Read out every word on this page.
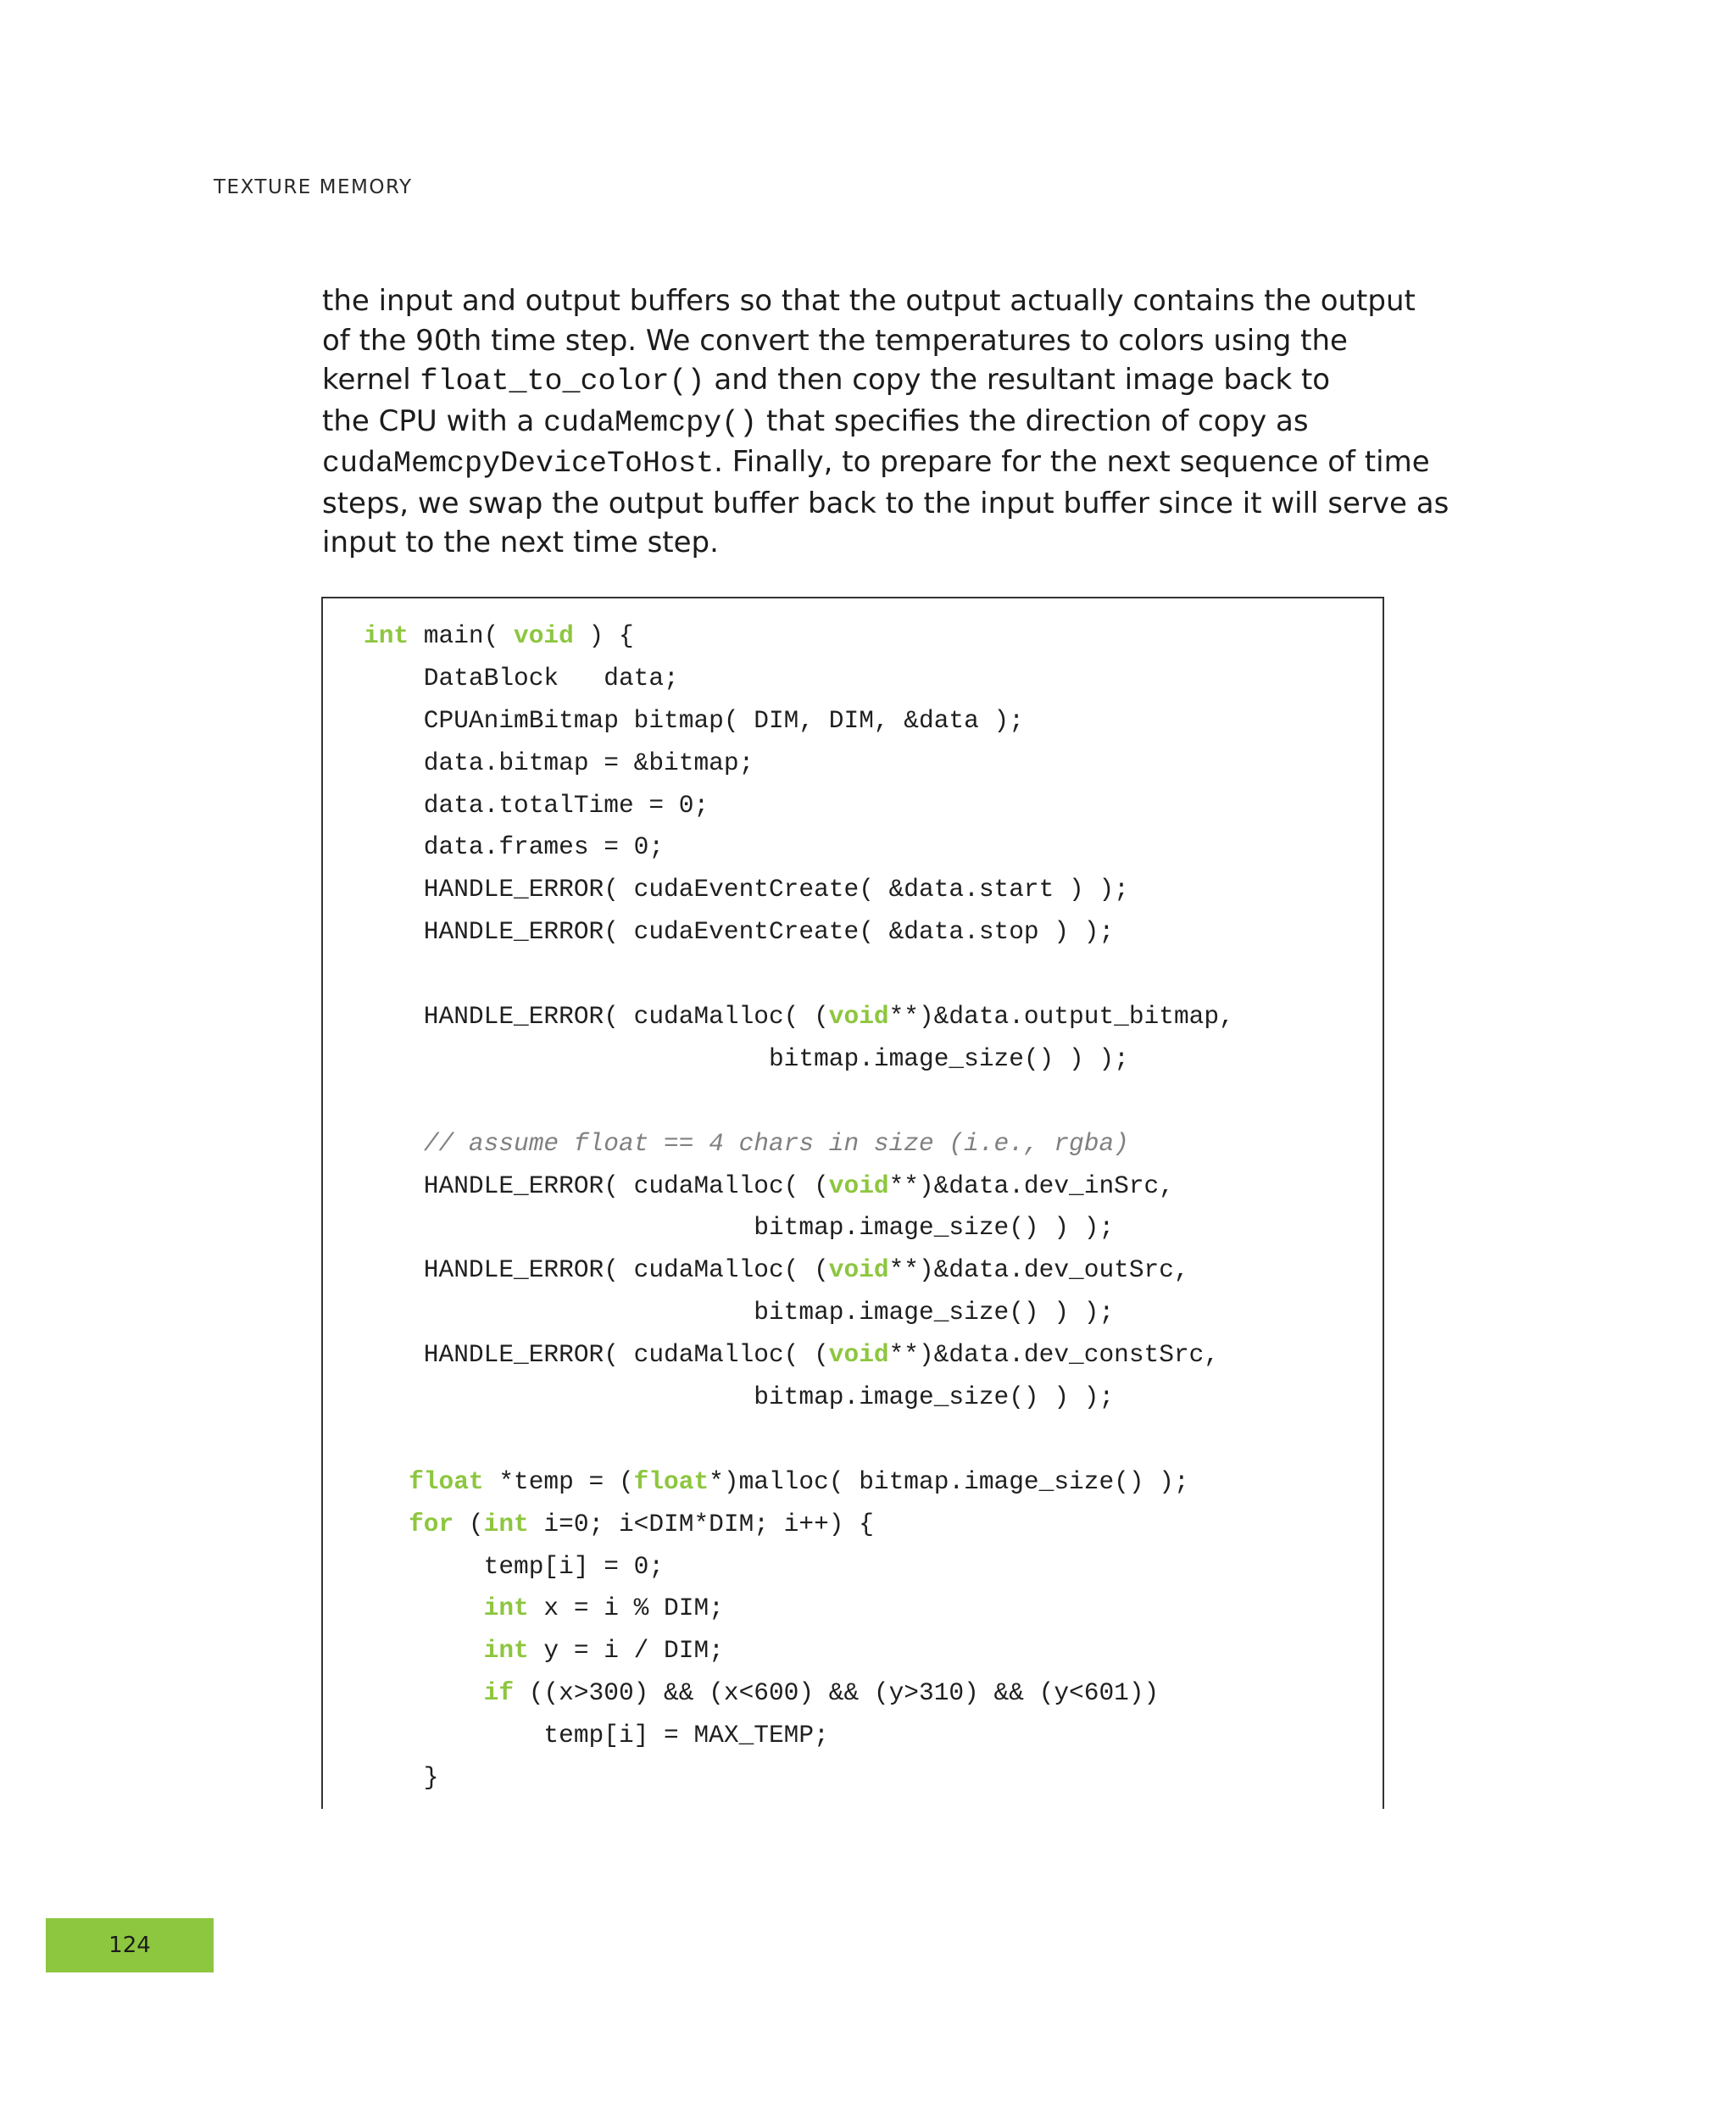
TEXTURE MEMORY
the input and output buffers so that the output actually contains the output
of the 90th time step. We convert the temperatures to colors using the
kernel float_to_color() and then copy the resultant image back to
the CPU with a cudaMemcpy() that specifies the direction of copy as
cudaMemcpyDeviceToHost. Finally, to prepare for the next sequence of time
steps, we swap the output buffer back to the input buffer since it will serve as
input to the next time step.
int main( void ) {
DataBlock   data;
CPUAnimBitmap bitmap( DIM, DIM, &data );
data.bitmap = &bitmap;
data.totalTime = 0;
data.frames = 0;
HANDLE_ERROR( cudaEventCreate( &data.start ) );
HANDLE_ERROR( cudaEventCreate( &data.stop ) );
HANDLE_ERROR( cudaMalloc( (void**)&data.output_bitmap,
bitmap.image_size() ) );
// assume float == 4 chars in size (i.e., rgba)
HANDLE_ERROR( cudaMalloc( (void**)&data.dev_inSrc,
bitmap.image_size() ) );
HANDLE_ERROR( cudaMalloc( (void**)&data.dev_outSrc,
bitmap.image_size() ) );
HANDLE_ERROR( cudaMalloc( (void**)&data.dev_constSrc,
bitmap.image_size() ) );
float *temp = (float*)malloc( bitmap.image_size() );
for (int i=0; i<DIM*DIM; i++) {
temp[i] = 0;
int x = i % DIM;
int y = i / DIM;
if ((x>300) && (x<600) && (y>310) && (y<601))
temp[i] = MAX_TEMP;
}
124
